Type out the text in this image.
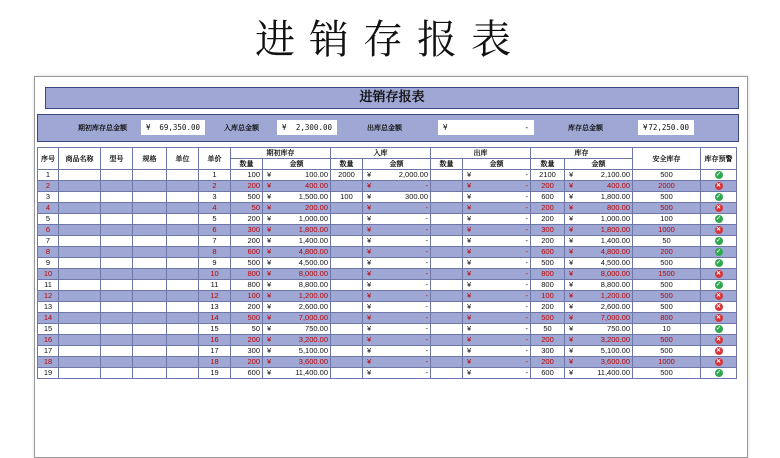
进销存报表
进销存报表
期初库存总金额	¥ 69,350.00	入库总金额	¥ 2,300.00	出库总金额	¥	-	库存总金额	¥ 72,250.00
序号	商品名称	型号	规格	单位	单价	期初库存		入库		出库		库存		安全库存	库存预警
						数量	金额	数量	金额	数量	金额	数量	金额		
1					1	100	¥ 100.00	2000	¥ 2,000.00		¥ -	2100	¥ 2,100.00	500	✓
2					2	200	¥ 400.00		¥ -		¥ -	200	¥ 400.00	2000	✕
3					3	500	¥ 1,500.00	100	¥ 300.00		¥ -	600	¥ 1,800.00	500	✓
4					4	50	¥ 200.00		¥ -		¥ -	200	¥ 800.00	500	✕
5					5	200	¥ 1,000.00		¥ -		¥ -	200	¥ 1,000.00	100	✓
6					6	300	¥ 1,800.00		¥ -		¥ -	300	¥ 1,800.00	1000	✕
7					7	200	¥ 1,400.00		¥ -		¥ -	200	¥ 1,400.00	50	✓
8					8	600	¥ 4,800.00		¥ -		¥ -	600	¥ 4,800.00	200	✓
9					9	500	¥ 4,500.00		¥ -		¥ -	500	¥ 4,500.00	500	✓
10					10	800	¥ 8,000.00		¥ -		¥ -	800	¥ 8,000.00	1500	✕
11					11	800	¥ 8,800.00		¥ -		¥ -	800	¥ 8,800.00	500	✓
12					12	100	¥ 1,200.00		¥ -		¥ -	100	¥ 1,200.00	500	✕
13					13	200	¥ 2,600.00		¥ -		¥ -	200	¥ 2,600.00	500	✕
14					14	500	¥ 7,000.00		¥ -		¥ -	500	¥ 7,000.00	800	✕
15					15	50	¥ 750.00		¥ -		¥ -	50	¥ 750.00	10	✓
16					16	200	¥ 3,200.00		¥ -		¥ -	200	¥ 3,200.00	500	✕
17					17	300	¥ 5,100.00		¥ -		¥ -	300	¥ 5,100.00	500	✕
18					18	200	¥ 3,600.00		¥ -		¥ -	200	¥ 3,600.00	1000	✕
19					19	600	¥ 11,400.00		¥ -		¥ -	600	¥ 11,400.00	500	✓
